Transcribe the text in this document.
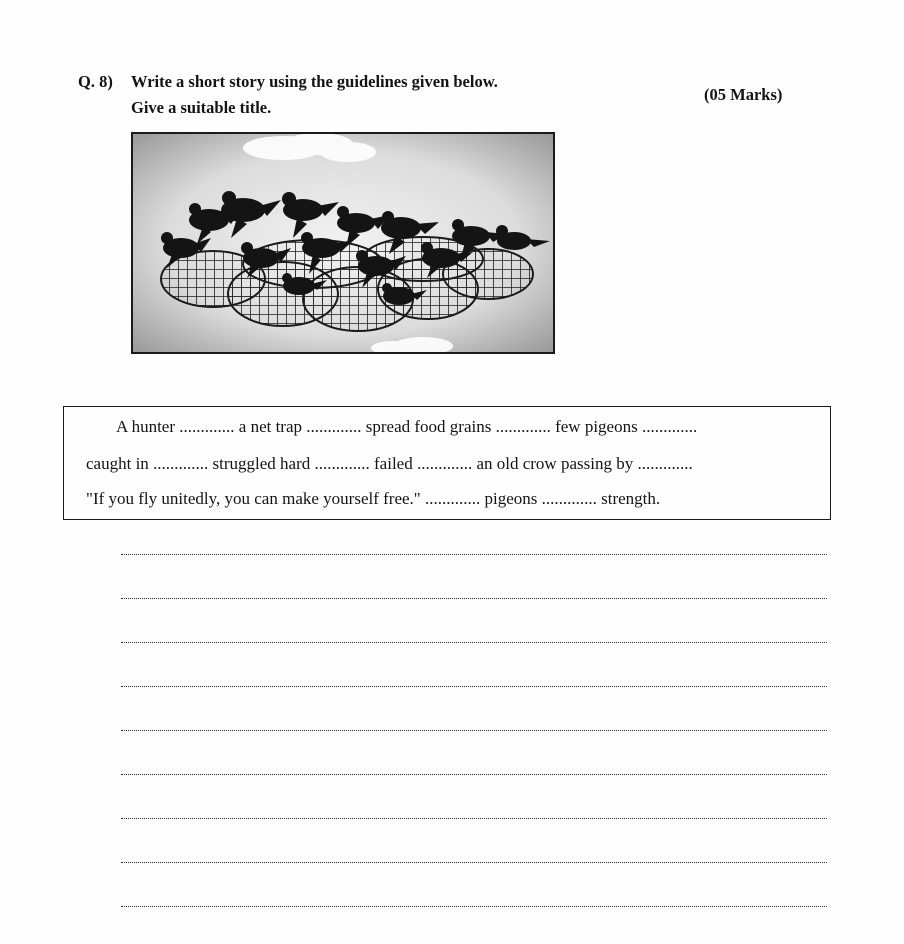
Q. 8) Write a short story using the guidelines given below.
Give a suitable title.
(05 Marks)
A hunter ............. a net trap ............. spread food grains ............. few pigeons .............
caught in ............. struggled hard ............. failed ............. an old crow passing by .............
"If you fly unitedly, you can make yourself free." ............. pigeons ............. strength.
